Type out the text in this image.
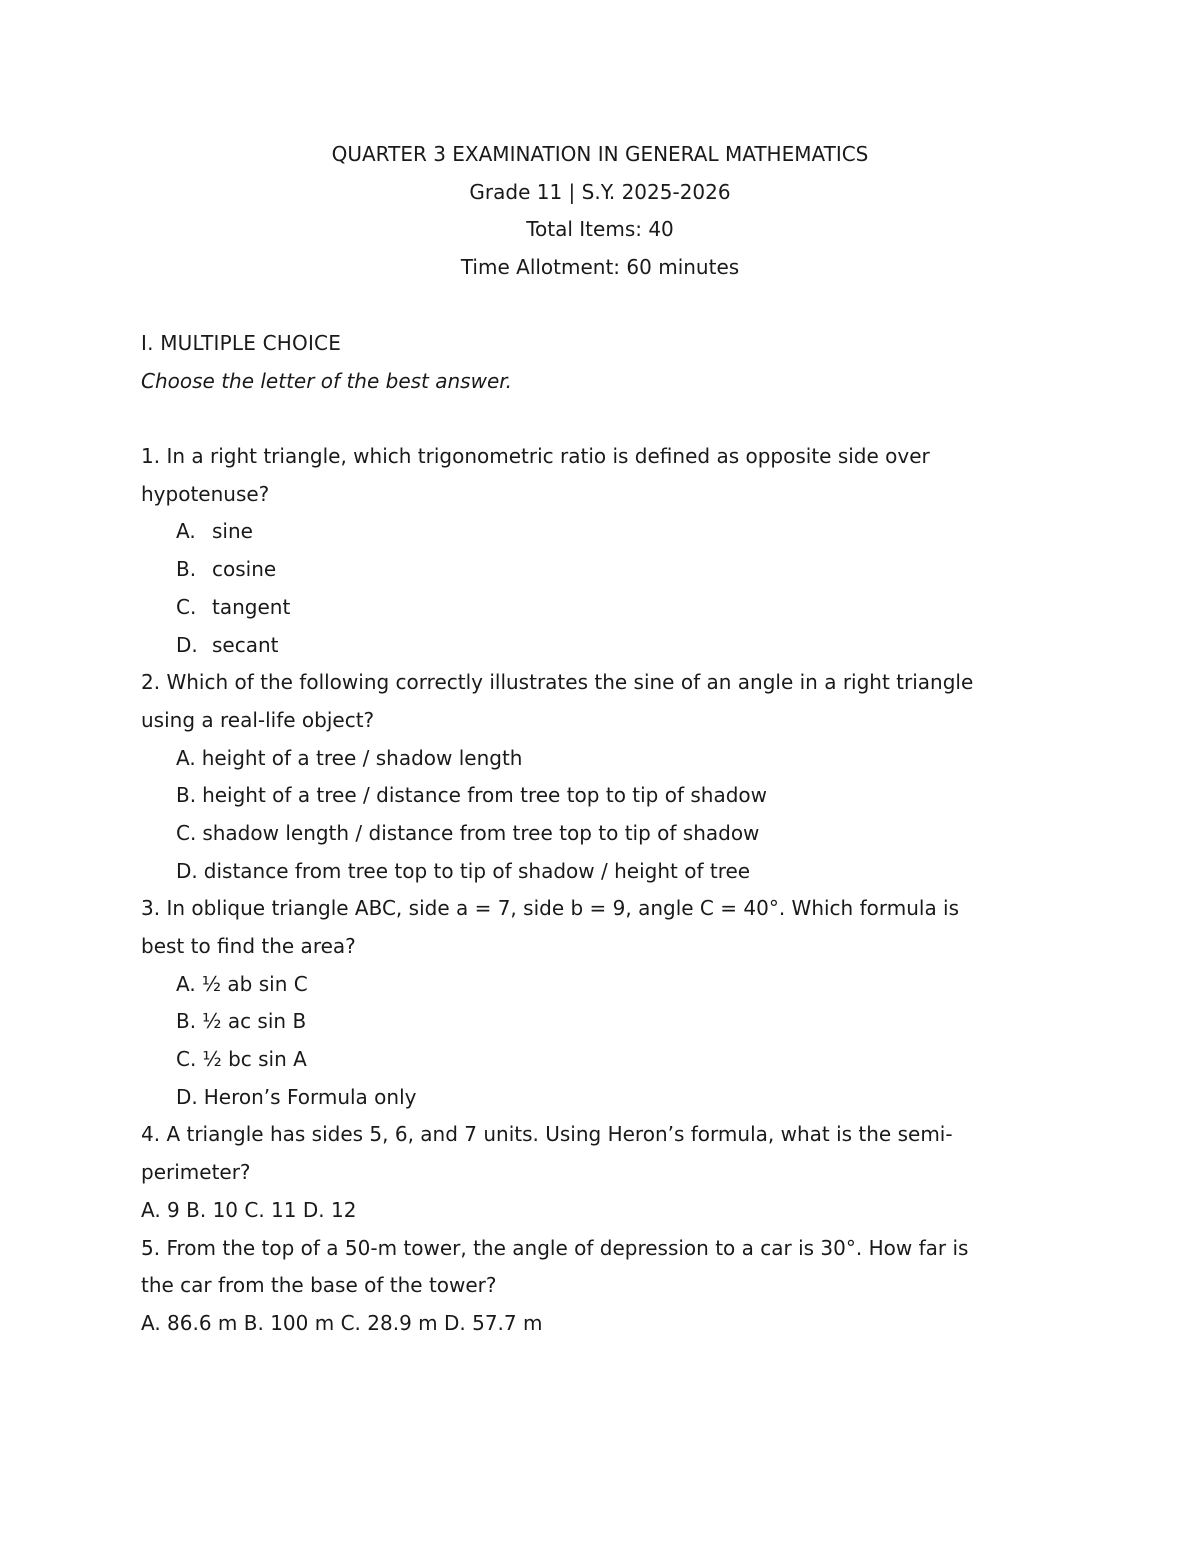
QUARTER 3 EXAMINATION IN GENERAL MATHEMATICS
Grade 11 | S.Y. 2025-2026
Total Items: 40
Time Allotment: 60 minutes
I. MULTIPLE CHOICE
Choose the letter of the best answer.
1. In a right triangle, which trigonometric ratio is defined as opposite side over
hypotenuse?
A. sine
B. cosine
C. tangent
D. secant
2. Which of the following correctly illustrates the sine of an angle in a right triangle
using a real-life object?
A. height of a tree / shadow length
B. height of a tree / distance from tree top to tip of shadow
C. shadow length / distance from tree top to tip of shadow
D. distance from tree top to tip of shadow / height of tree
3. In oblique triangle ABC, side a = 7, side b = 9, angle C = 40°. Which formula is
best to find the area?
A. ½ ab sin C
B. ½ ac sin B
C. ½ bc sin A
D. Heron’s Formula only
4. A triangle has sides 5, 6, and 7 units. Using Heron’s formula, what is the semi-
perimeter?
A. 9 B. 10 C. 11 D. 12
5. From the top of a 50-m tower, the angle of depression to a car is 30°. How far is
the car from the base of the tower?
A. 86.6 m B. 100 m C. 28.9 m D. 57.7 m
